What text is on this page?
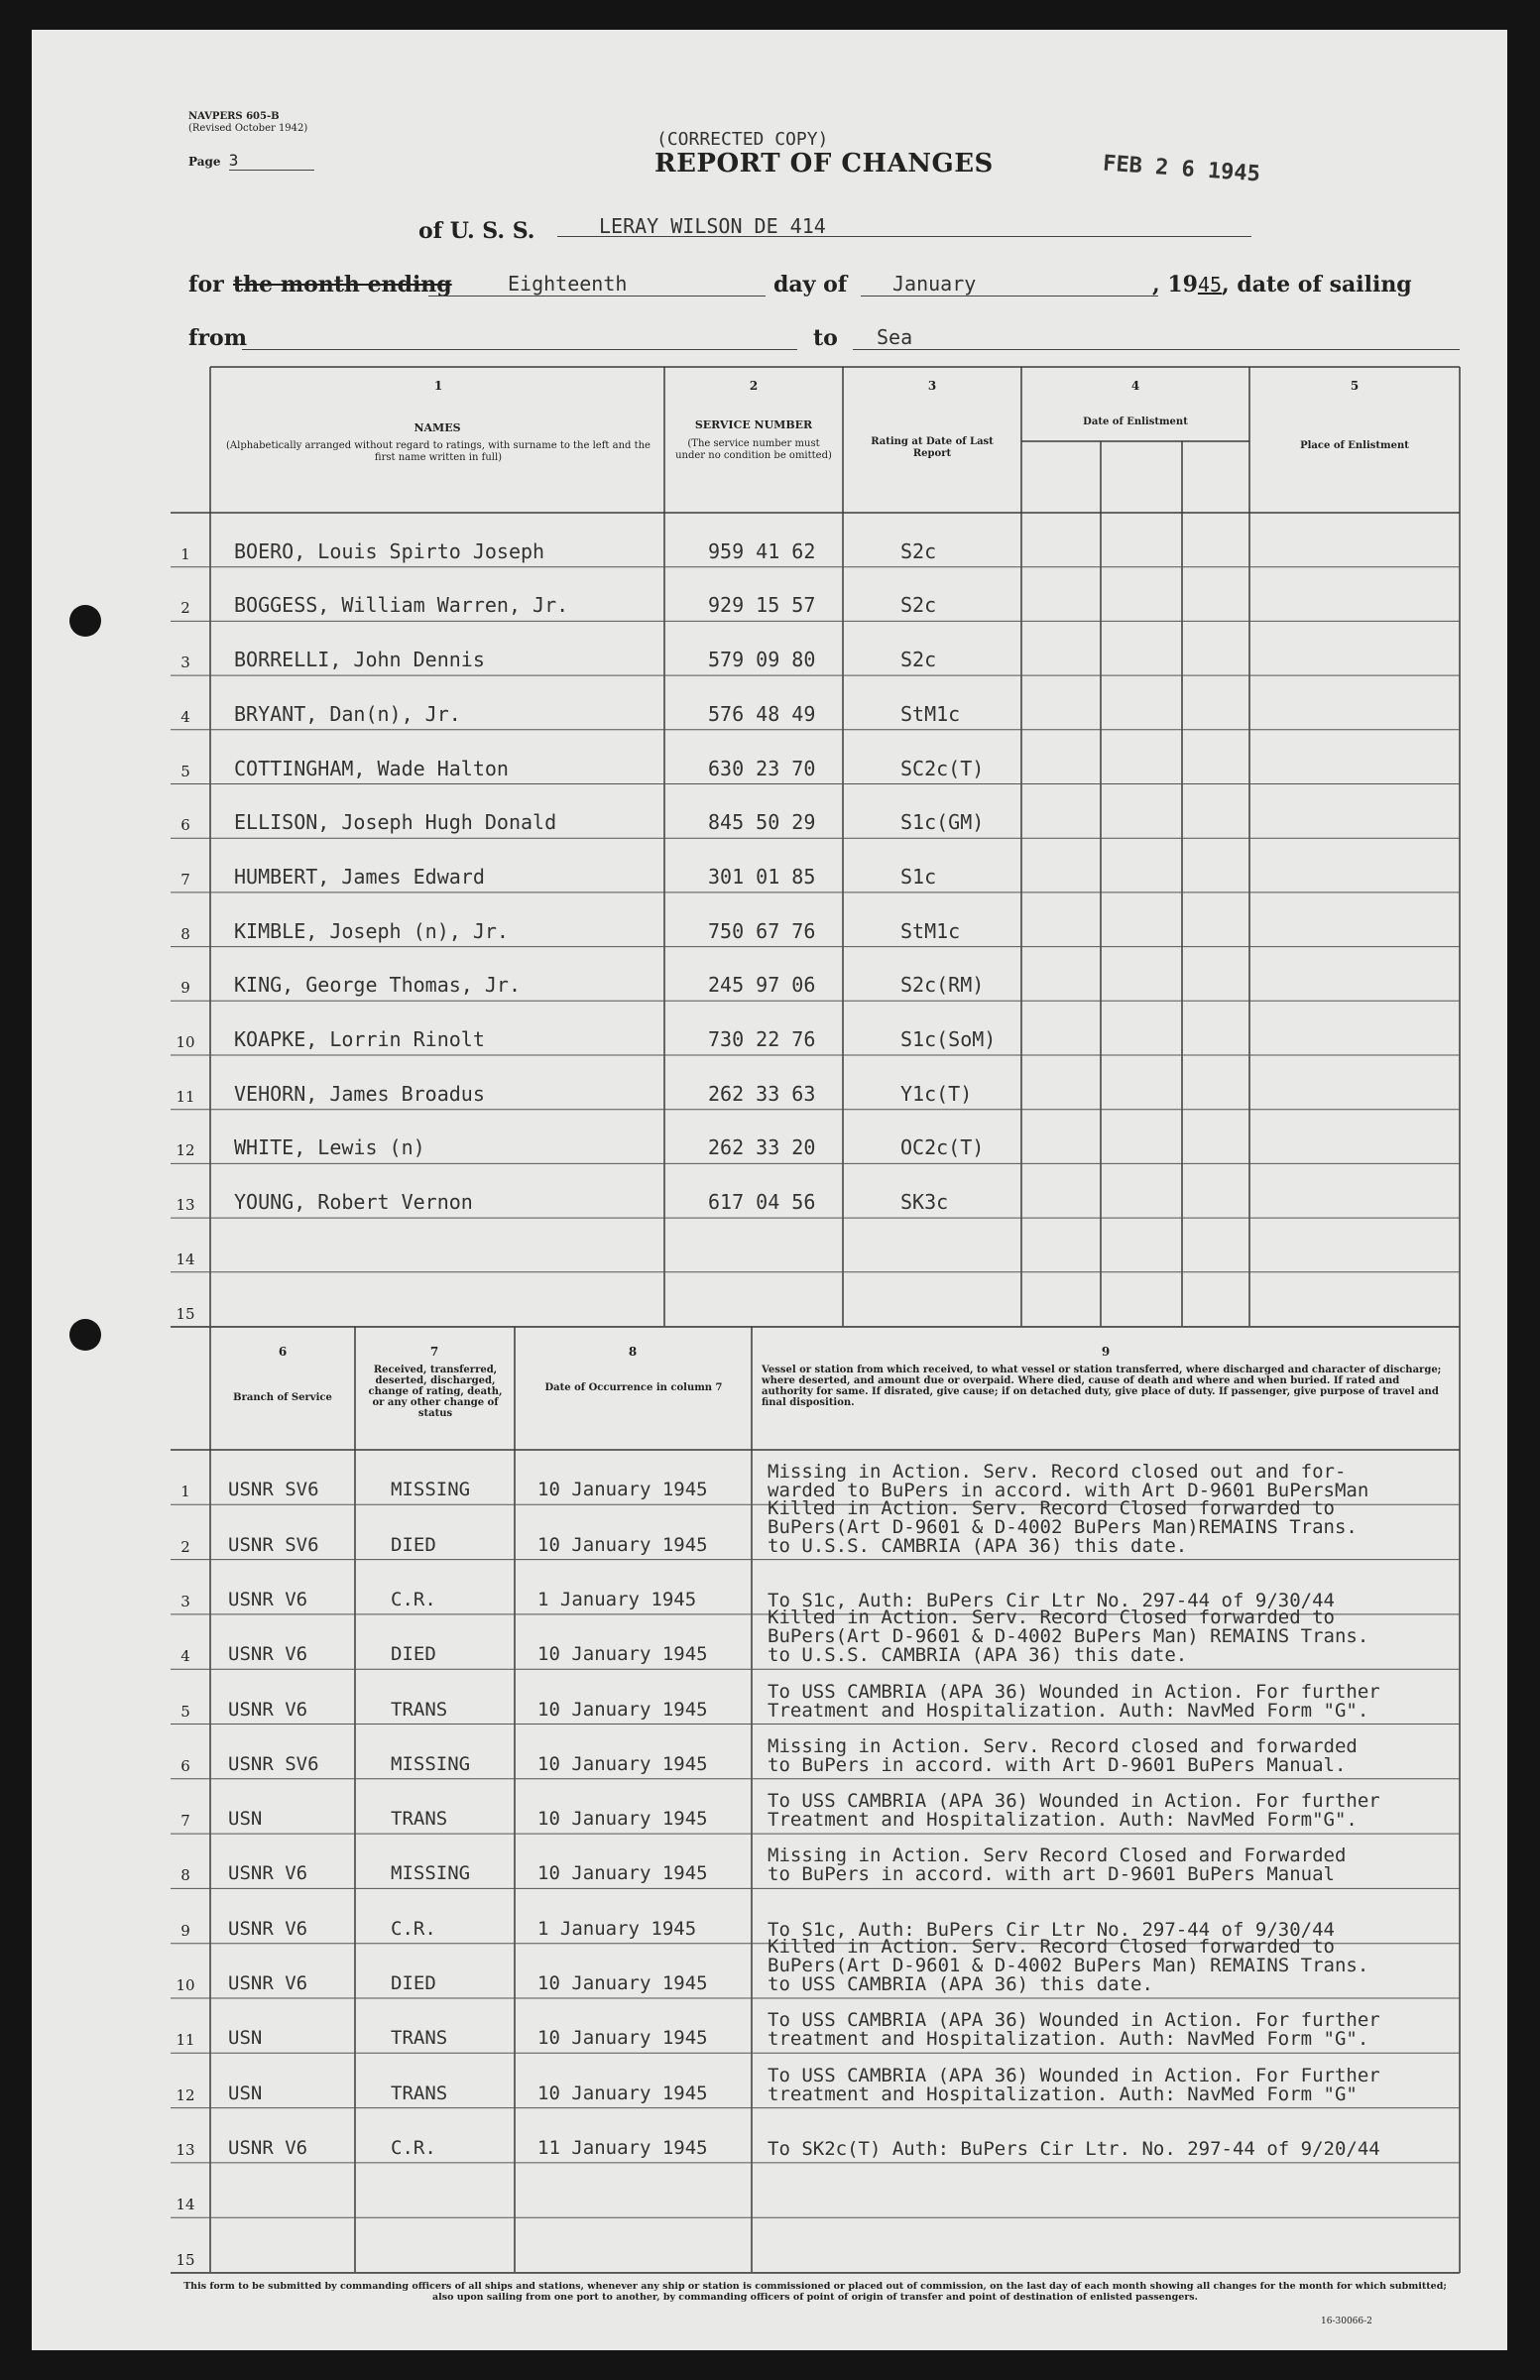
NAVPERS 605-B
(Revised October 1942)
Page 3
(CORRECTED COPY)
REPORT OF CHANGES	FEB 2 6 1945
of U. S. S.	LERAY WILSON DE 414
for the month ending	Eighteenth	day of January	, 1945, date of sailing
from	to Sea
1	2	3	4	5
NAMES
(Alphabetically arranged without regard to ratings, with surname to the left and the first name written in full)
SERVICE NUMBER
(The service number must under no condition be omitted)
Rating at Date of Last Report
Date of Enlistment
Place of Enlistment
1 BOERO, Louis Spirto Joseph	959 41 62	S2c
2 BOGGESS, William Warren, Jr.	929 15 57	S2c
3 BORRELLI, John Dennis	579 09 80	S2c
4 BRYANT, Dan(n), Jr.	576 48 49	StM1c
5 COTTINGHAM, Wade Halton	630 23 70	SC2c(T)
6 ELLISON, Joseph Hugh Donald	845 50 29	S1c(GM)
7 HUMBERT, James Edward	301 01 85	S1c
8 KIMBLE, Joseph (n), Jr.	750 67 76	StM1c
9 KING, George Thomas, Jr.	245 97 06	S2c(RM)
10 KOAPKE, Lorrin Rinolt	730 22 76	S1c(SoM)
11 VEHORN, James Broadus	262 33 63	Y1c(T)
12 WHITE, Lewis (n)	262 33 20	OC2c(T)
13 YOUNG, Robert Vernon	617 04 56	SK3c
14
15
6	7	8	9
Branch of Service
Received, transferred, deserted, discharged, change of rating, death, or any other change of status
Date of Occurrence in column 7
Vessel or station from which received, to what vessel or station transferred, where discharged and character of discharge; where deserted, and amount due or overpaid. Where died, cause of death and where and when buried. If rated and authority for same. If disrated, give cause; if on detached duty, give place of duty. If passenger, give purpose of travel and final disposition.
1 USNR SV6	MISSING	10 January 1945
Missing in Action. Serv. Record closed out and for-
warded to BuPers in accord. with Art D-9601 BuPersMan
2 USNR SV6	DIED	10 January 1945
Killed in Action. Serv. Record Closed forwarded to
BuPers(Art D-9601 & D-4002 BuPers Man)REMAINS Trans.
to U.S.S. CAMBRIA (APA 36) this date.
3 USNR V6	C.R.	1 January 1945	To S1c, Auth: BuPers Cir Ltr No. 297-44 of 9/30/44
4 USNR V6	DIED	10 January 1945
Killed in Action. Serv. Record Closed forwarded to
BuPers(Art D-9601 & D-4002 BuPers Man) REMAINS Trans.
to U.S.S. CAMBRIA (APA 36) this date.
5 USNR V6	TRANS	10 January 1945
To USS CAMBRIA (APA 36) Wounded in Action. For further
Treatment and Hospitalization. Auth: NavMed Form "G".
6 USNR SV6	MISSING	10 January 1945
Missing in Action. Serv. Record closed and forwarded
to BuPers in accord. with Art D-9601 BuPers Manual.
7 USN	TRANS	10 January 1945
To USS CAMBRIA (APA 36) Wounded in Action. For further
Treatment and Hospitalization. Auth: NavMed Form"G".
8 USNR V6	MISSING	10 January 1945
Missing in Action. Serv Record Closed and Forwarded
to BuPers in accord. with art D-9601 BuPers Manual
9 USNR V6	C.R.	1 January 1945	To S1c, Auth: BuPers Cir Ltr No. 297-44 of 9/30/44
10 USNR V6	DIED	10 January 1945
Killed in Action. Serv. Record Closed forwarded to
BuPers(Art D-9601 & D-4002 BuPers Man) REMAINS Trans.
to USS CAMBRIA (APA 36) this date.
11 USN	TRANS	10 January 1945
To USS CAMBRIA (APA 36) Wounded in Action. For further
treatment and Hospitalization. Auth: NavMed Form "G".
12 USN	TRANS	10 January 1945
To USS CAMBRIA (APA 36) Wounded in Action. For Further
treatment and Hospitalization. Auth: NavMed Form "G"
13 USNR V6	C.R.	11 January 1945	To SK2c(T) Auth: BuPers Cir Ltr. No. 297-44 of 9/20/44
14
15
This form to be submitted by commanding officers of all ships and stations, whenever any ship or station is commissioned or placed out of commission, on the last day of each month showing all changes for the month for which submitted; also upon sailing from one port to another, by commanding officers of point of origin of transfer and point of destination of enlisted passengers.
16-30066-2
